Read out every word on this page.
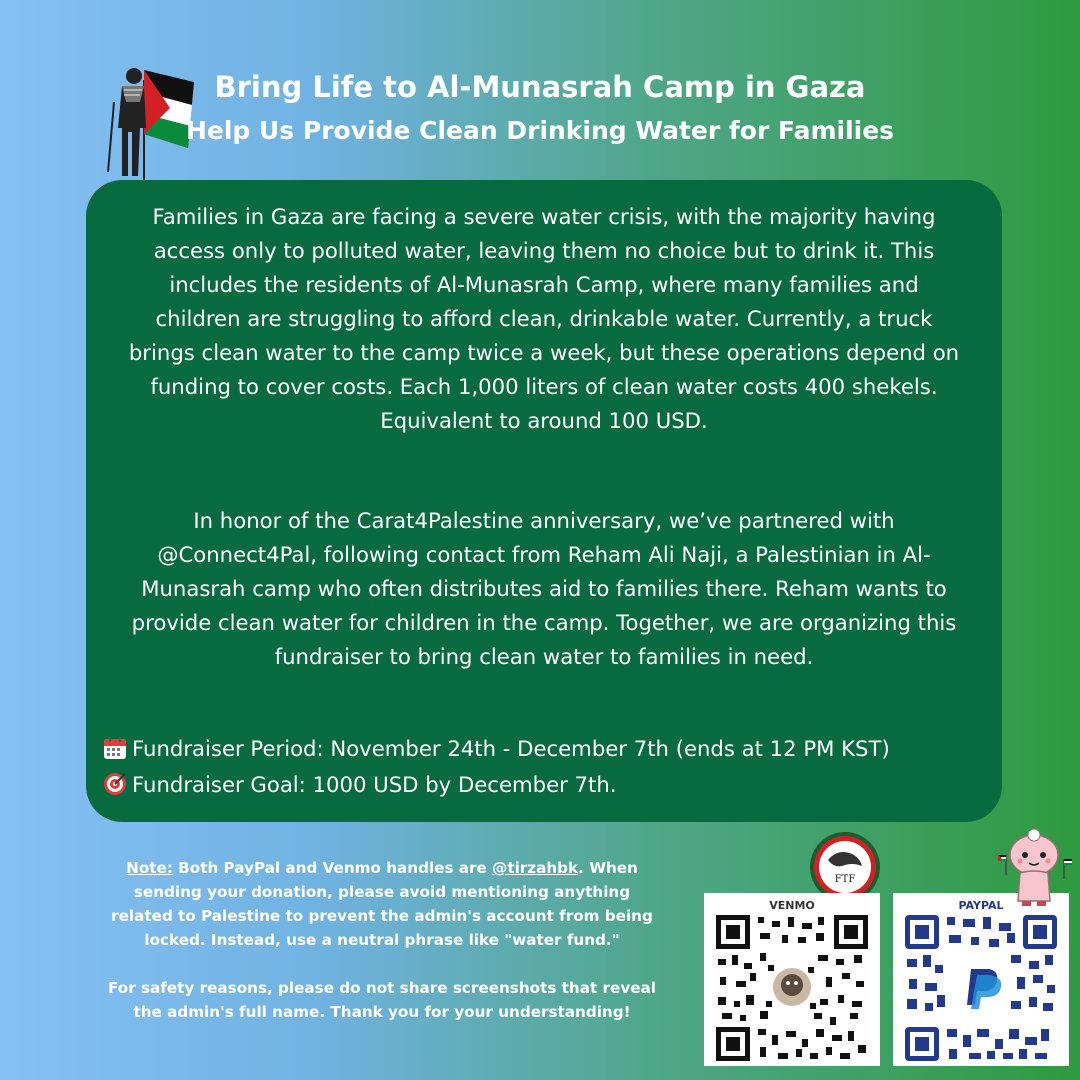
Bring Life to Al-Munasrah Camp in Gaza
Help Us Provide Clean Drinking Water for Families
Families in Gaza are facing a severe water crisis, with the majority having
access only to polluted water, leaving them no choice but to drink it. This
includes the residents of Al-Munasrah Camp, where many families and
children are struggling to afford clean, drinkable water. Currently, a truck
brings clean water to the camp twice a week, but these operations depend on
funding to cover costs. Each 1,000 liters of clean water costs 400 shekels.
Equivalent to around 100 USD.
In honor of the Carat4Palestine anniversary, we’ve partnered with
@Connect4Pal, following contact from Reham Ali Naji, a Palestinian in Al-
Munasrah camp who often distributes aid to families there. Reham wants to
provide clean water for children in the camp. Together, we are organizing this
fundraiser to bring clean water to families in need.
Fundraiser Period: November 24th - December 7th (ends at 12 PM KST)
Fundraiser Goal: 1000 USD by December 7th.
Note: Both PayPal and Venmo handles are @tirzahbk. When
sending your donation, please avoid mentioning anything
related to Palestine to prevent the admin's account from being
locked. Instead, use a neutral phrase like "water fund."
For safety reasons, please do not share screenshots that reveal
the admin's full name. Thank you for your understanding!
FTF
VENMO	PAYPAL
